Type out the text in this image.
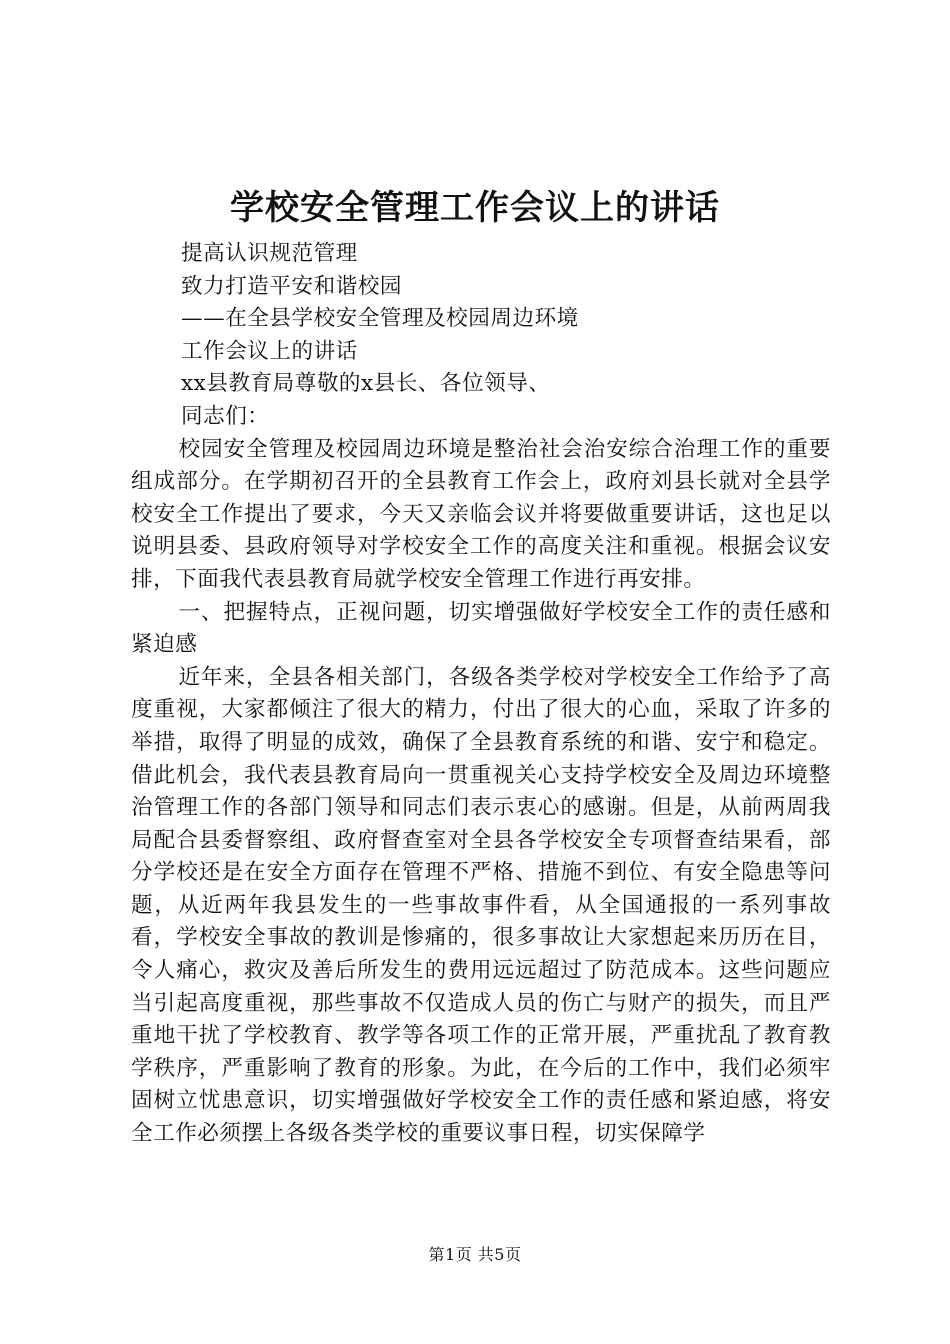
学校安全管理工作会议上的讲话

提高认识规范管理

致力打造平安和谐校园

——在全县学校安全管理及校园周边环境

工作会议上的讲话

xx县教育局尊敬的x县长、各位领导、

同志们：

校园安全管理及校园周边环境是整治社会治安综合治理工作的重要组成部分。在学期初召开的全县教育工作会上，政府刘县长就对全县学校安全工作提出了要求，今天又亲临会议并将要做重要讲话，这也足以说明县委、县政府领导对学校安全工作的高度关注和重视。根据会议安排，下面我代表县教育局就学校安全管理工作进行再安排。

一、把握特点，正视问题，切实增强做好学校安全工作的责任感和紧迫感

近年来，全县各相关部门，各级各类学校对学校安全工作给予了高度重视，大家都倾注了很大的精力，付出了很大的心血，采取了许多的举措，取得了明显的成效，确保了全县教育系统的和谐、安宁和稳定。借此机会，我代表县教育局向一贯重视关心支持学校安全及周边环境整治管理工作的各部门领导和同志们表示衷心的感谢。但是，从前两周我局配合县委督察组、政府督查室对全县各学校安全专项督查结果看，部分学校还是在安全方面存在管理不严格、措施不到位、有安全隐患等问题，从近两年我县发生的一些事故事件看，从全国通报的一系列事故看，学校安全事故的教训是惨痛的，很多事故让大家想起来历历在目，令人痛心，救灾及善后所发生的费用远远超过了防范成本。这些问题应当引起高度重视，那些事故不仅造成人员的伤亡与财产的损失，而且严重地干扰了学校教育、教学等各项工作的正常开展，严重扰乱了教育教学秩序，严重影响了教育的形象。为此，在今后的工作中，我们必须牢固树立忧患意识，切实增强做好学校安全工作的责任感和紧迫感，将安全工作必须摆上各级各类学校的重要议事日程，切实保障学

第1页 共5页
